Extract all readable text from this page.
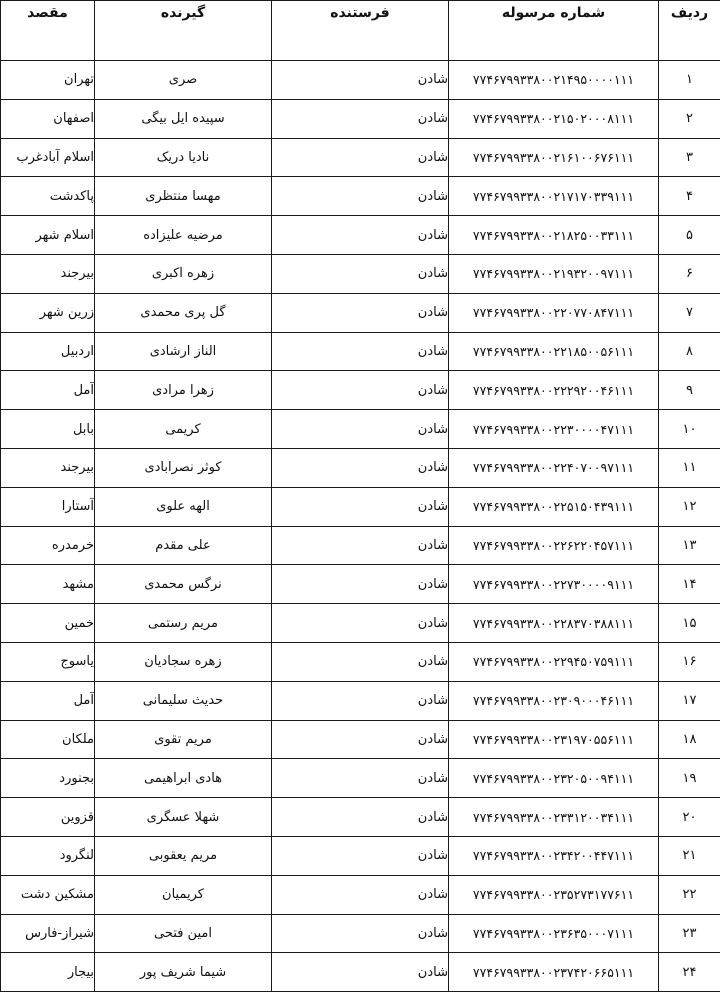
ردیف	شماره مرسوله	فرستنده	گیرنده	مقصد
۱	۷۷۴۶۷۹۹۳۳۸۰۰۲۱۴۹۵۰۰۰۰۱۱۱	شادن	صری	تهران
۲	۷۷۴۶۷۹۹۳۳۸۰۰۲۱۵۰۲۰۰۰۸۱۱۱	شادن	سپیده ایل بیگی	اصفهان
۳	۷۷۴۶۷۹۹۳۳۸۰۰۲۱۶۱۰۰۶۷۶۱۱۱	شادن	نادیا دریک	اسلام آبادغرب
۴	۷۷۴۶۷۹۹۳۳۸۰۰۲۱۷۱۷۰۳۳۹۱۱۱	شادن	مهسا منتظری	پاکدشت
۵	۷۷۴۶۷۹۹۳۳۸۰۰۲۱۸۲۵۰۰۳۳۱۱۱	شادن	مرضیه علیزاده	اسلام شهر
۶	۷۷۴۶۷۹۹۳۳۸۰۰۲۱۹۳۲۰۰۹۷۱۱۱	شادن	زهره اکبری	بیرجند
۷	۷۷۴۶۷۹۹۳۳۸۰۰۲۲۰۷۷۰۸۴۷۱۱۱	شادن	گل پری محمدی	زرین شهر
۸	۷۷۴۶۷۹۹۳۳۸۰۰۲۲۱۸۵۰۰۵۶۱۱۱	شادن	الناز ارشادی	اردبیل
۹	۷۷۴۶۷۹۹۳۳۸۰۰۲۲۲۹۲۰۰۴۶۱۱۱	شادن	زهرا مرادی	آمل
۱۰	۷۷۴۶۷۹۹۳۳۸۰۰۲۲۳۰۰۰۰۴۷۱۱۱	شادن	کریمی	بابل
۱۱	۷۷۴۶۷۹۹۳۳۸۰۰۲۲۴۰۷۰۰۹۷۱۱۱	شادن	کوثر نصرابادی	بیرجند
۱۲	۷۷۴۶۷۹۹۳۳۸۰۰۲۲۵۱۵۰۴۳۹۱۱۱	شادن	الهه علوی	آستارا
۱۳	۷۷۴۶۷۹۹۳۳۸۰۰۲۲۶۲۲۰۴۵۷۱۱۱	شادن	علی مقدم	خرمدره
۱۴	۷۷۴۶۷۹۹۳۳۸۰۰۲۲۷۳۰۰۰۰۹۱۱۱	شادن	نرگس محمدی	مشهد
۱۵	۷۷۴۶۷۹۹۳۳۸۰۰۲۲۸۳۷۰۳۸۸۱۱۱	شادن	مریم رستمی	خمین
۱۶	۷۷۴۶۷۹۹۳۳۸۰۰۲۲۹۴۵۰۷۵۹۱۱۱	شادن	زهره سجادیان	یاسوج
۱۷	۷۷۴۶۷۹۹۳۳۸۰۰۲۳۰۹۰۰۰۴۶۱۱۱	شادن	حدیث سلیمانی	آمل
۱۸	۷۷۴۶۷۹۹۳۳۸۰۰۲۳۱۹۷۰۵۵۶۱۱۱	شادن	مریم تقوی	ملکان
۱۹	۷۷۴۶۷۹۹۳۳۸۰۰۲۳۲۰۵۰۰۹۴۱۱۱	شادن	هادی ابراهیمی	بجنورد
۲۰	۷۷۴۶۷۹۹۳۳۸۰۰۲۳۳۱۲۰۰۳۴۱۱۱	شادن	شهلا عسگری	قزوین
۲۱	۷۷۴۶۷۹۹۳۳۸۰۰۲۳۴۲۰۰۴۴۷۱۱۱	شادن	مریم یعقوبی	لنگرود
۲۲	۷۷۴۶۷۹۹۳۳۸۰۰۲۳۵۲۷۳۱۷۷۶۱۱	شادن	کریمیان	مشکین دشت
۲۳	۷۷۴۶۷۹۹۳۳۸۰۰۲۳۶۳۵۰۰۰۷۱۱۱	شادن	امین فتحی	شیراز-فارس
۲۴	۷۷۴۶۷۹۹۳۳۸۰۰۲۳۷۴۲۰۶۶۵۱۱۱	شادن	شیما شریف پور	بیجار
